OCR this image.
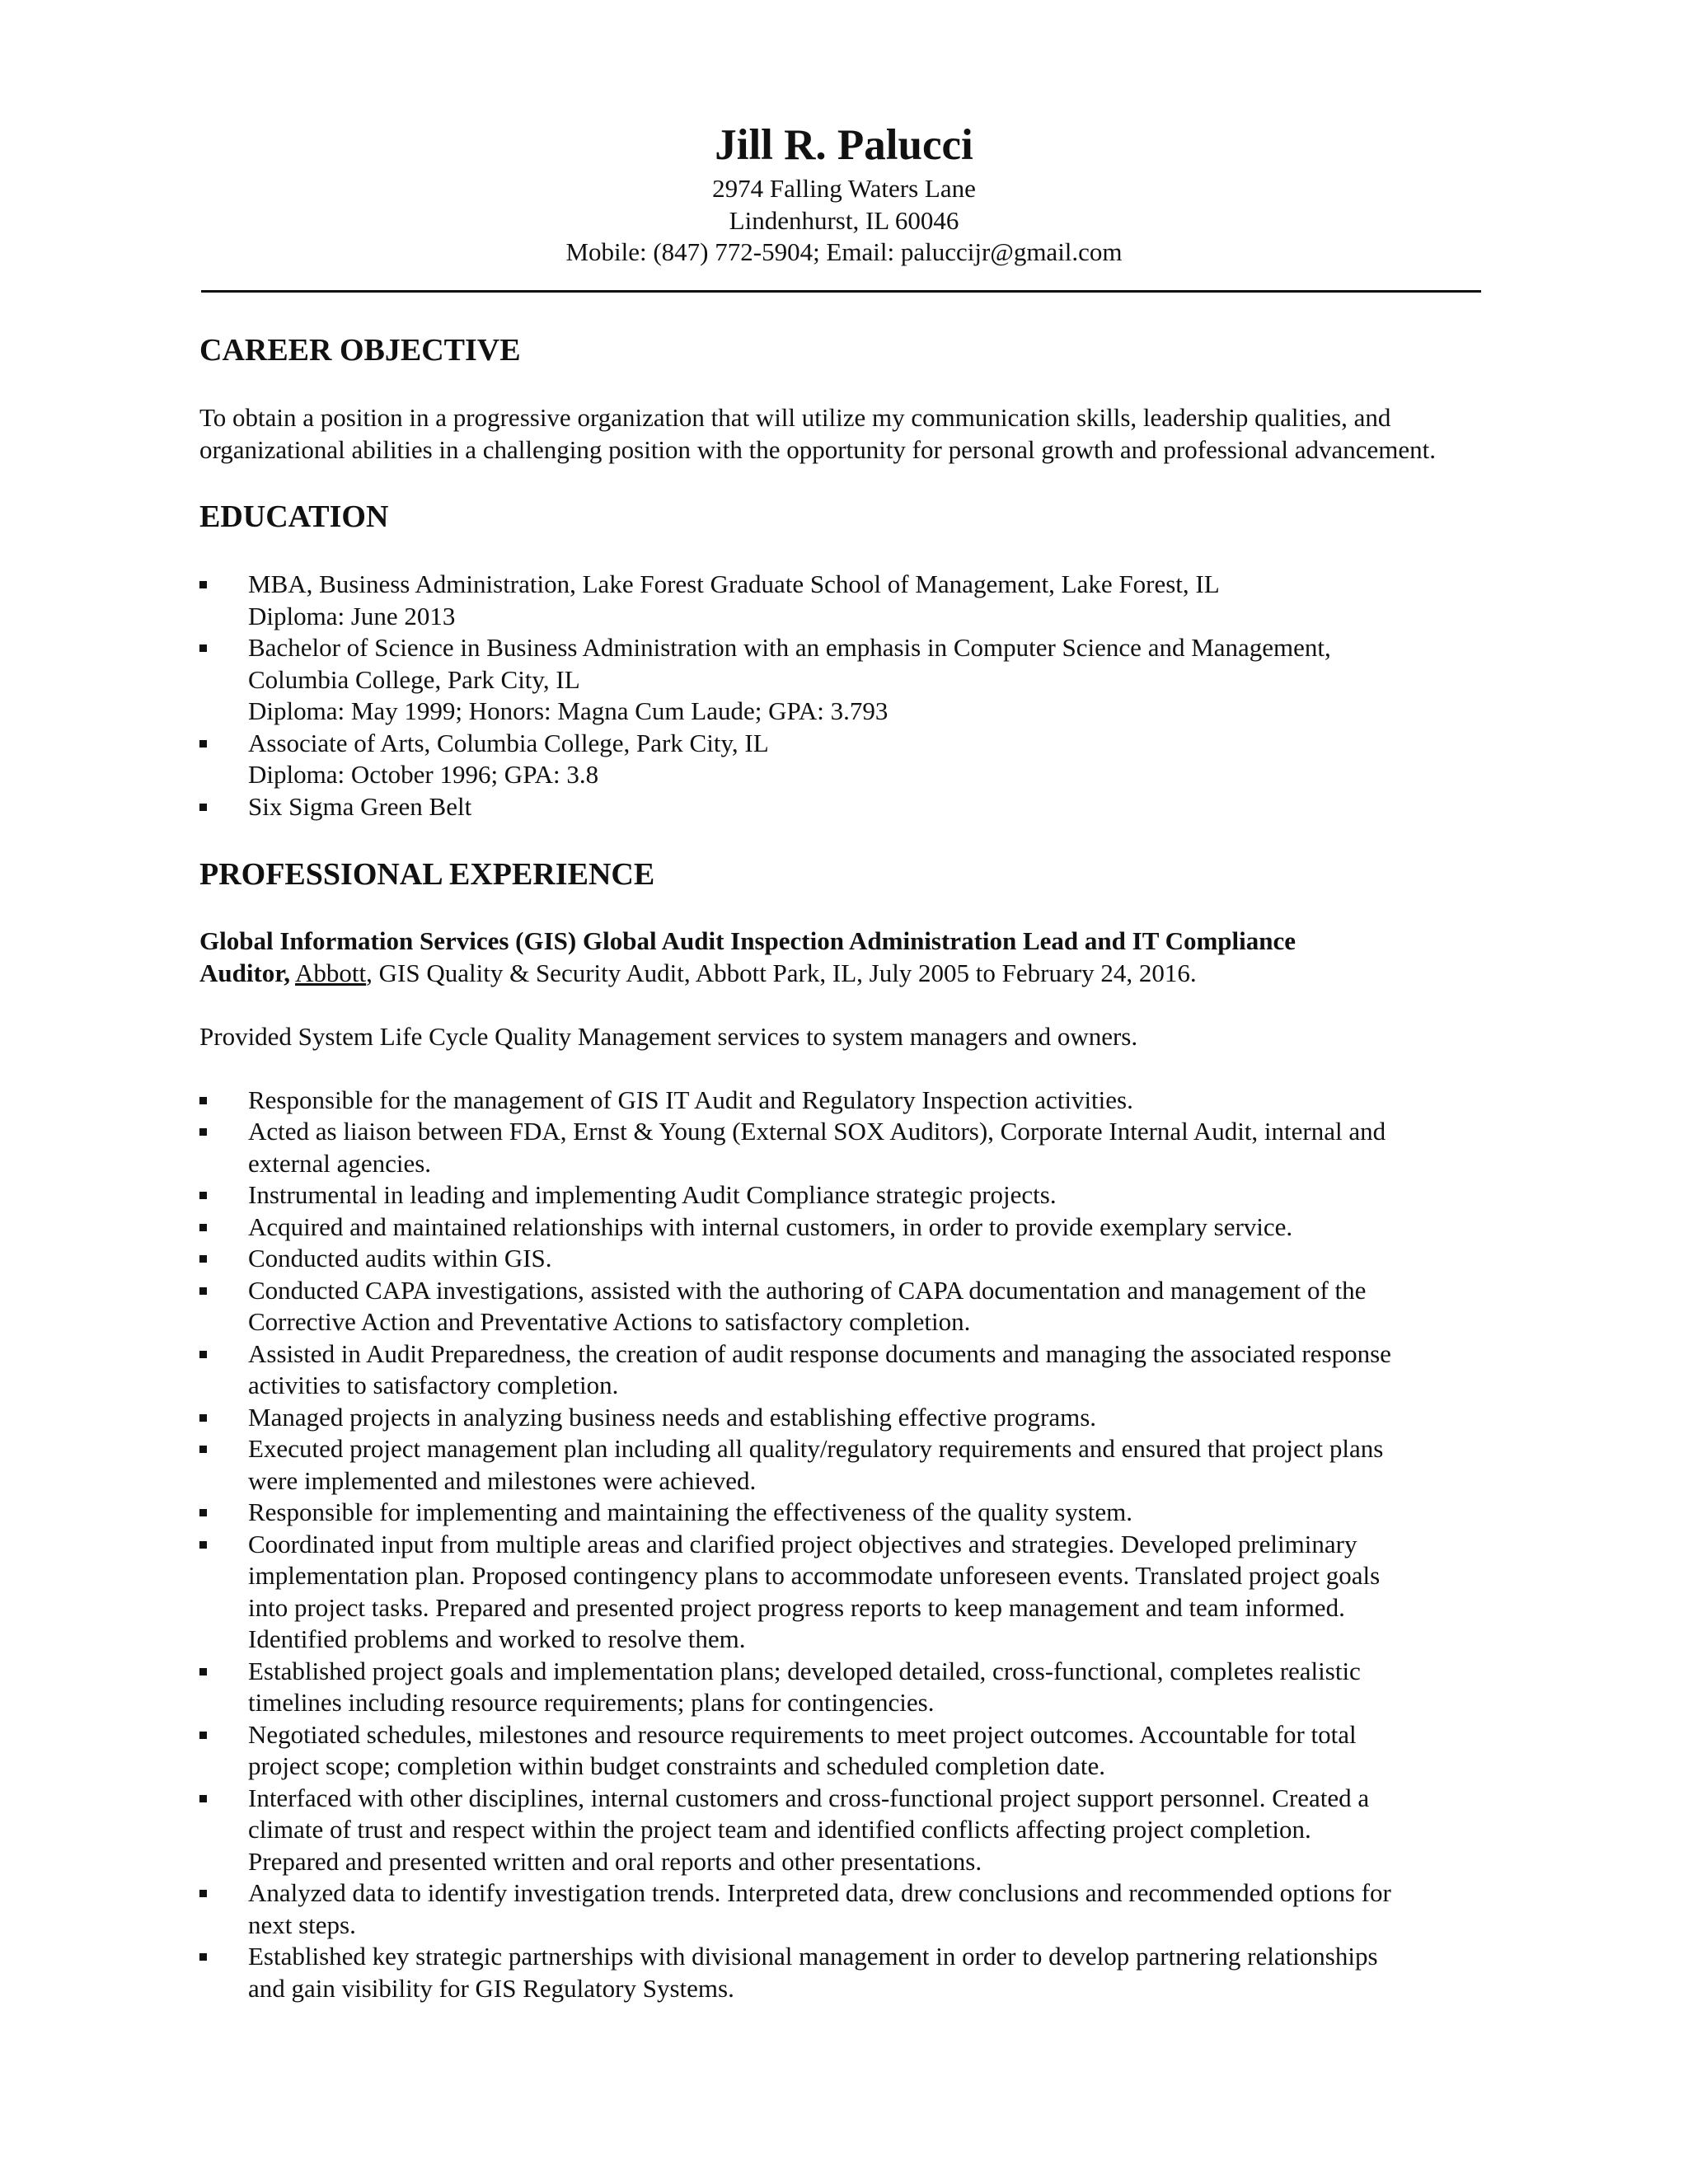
Jill R. Palucci
2974 Falling Waters Lane
Lindenhurst, IL 60046
Mobile: (847) 772-5904; Email: paluccijr@gmail.com
CAREER OBJECTIVE

To obtain a position in a progressive organization that will utilize my communication skills, leadership qualities, and organizational abilities in a challenging position with the opportunity for personal growth and professional advancement.

EDUCATION
MBA, Business Administration, Lake Forest Graduate School of Management, Lake Forest, IL
Diploma: June 2013
Bachelor of Science in Business Administration with an emphasis in Computer Science and Management,
Columbia College, Park City, IL
Diploma: May 1999; Honors: Magna Cum Laude; GPA: 3.793
Associate of Arts, Columbia College, Park City, IL
Diploma: October 1996; GPA: 3.8
Six Sigma Green Belt
PROFESSIONAL EXPERIENCE
Global Information Services (GIS) Global Audit Inspection Administration Lead and IT Compliance
Auditor, Abbott, GIS Quality & Security Audit, Abbott Park, IL, July 2005 to February 24, 2016.

Provided System Life Cycle Quality Management services to system managers and owners.

Responsible for the management of GIS IT Audit and Regulatory Inspection activities.
Acted as liaison between FDA, Ernst & Young (External SOX Auditors), Corporate Internal Audit, internal and
external agencies.
Instrumental in leading and implementing Audit Compliance strategic projects.
Acquired and maintained relationships with internal customers, in order to provide exemplary service.
Conducted audits within GIS.
Conducted CAPA investigations, assisted with the authoring of CAPA documentation and management of the
Corrective Action and Preventative Actions to satisfactory completion.
Assisted in Audit Preparedness, the creation of audit response documents and managing the associated response
activities to satisfactory completion.
Managed projects in analyzing business needs and establishing effective programs.
Executed project management plan including all quality/regulatory requirements and ensured that project plans
were implemented and milestones were achieved.
Responsible for implementing and maintaining the effectiveness of the quality system.
Coordinated input from multiple areas and clarified project objectives and strategies. Developed preliminary
implementation plan. Proposed contingency plans to accommodate unforeseen events. Translated project goals
into project tasks. Prepared and presented project progress reports to keep management and team informed.
Identified problems and worked to resolve them.
Established project goals and implementation plans; developed detailed, cross-functional, completes realistic
timelines including resource requirements; plans for contingencies.
Negotiated schedules, milestones and resource requirements to meet project outcomes. Accountable for total
project scope; completion within budget constraints and scheduled completion date.
Interfaced with other disciplines, internal customers and cross-functional project support personnel. Created a
climate of trust and respect within the project team and identified conflicts affecting project completion.
Prepared and presented written and oral reports and other presentations.
Analyzed data to identify investigation trends. Interpreted data, drew conclusions and recommended options for
next steps.
Established key strategic partnerships with divisional management in order to develop partnering relationships
and gain visibility for GIS Regulatory Systems.
